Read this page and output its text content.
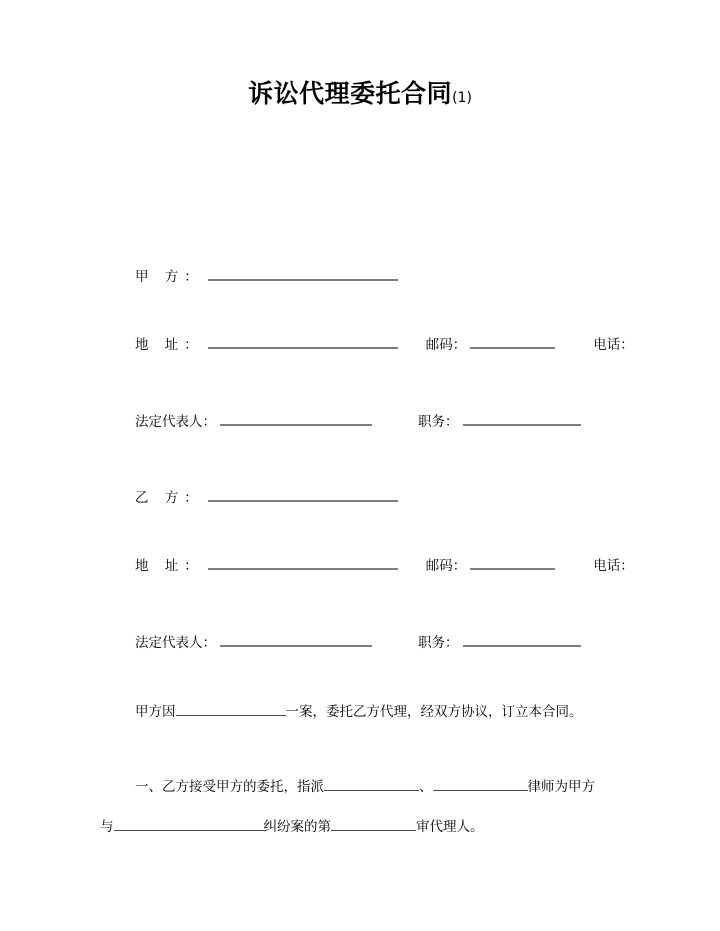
诉讼代理委托合同(1)
甲 方：
地 址：	邮码：	电话：
法定代表人：	职务：
乙 方：
地 址：	邮码：	电话：
法定代表人：	职务：
甲方因	一案，委托乙方代理，经双方协议，订立本合同。
一、乙方接受甲方的委托，指派	、	律师为甲方
与	纠纷案的第	审代理人。
